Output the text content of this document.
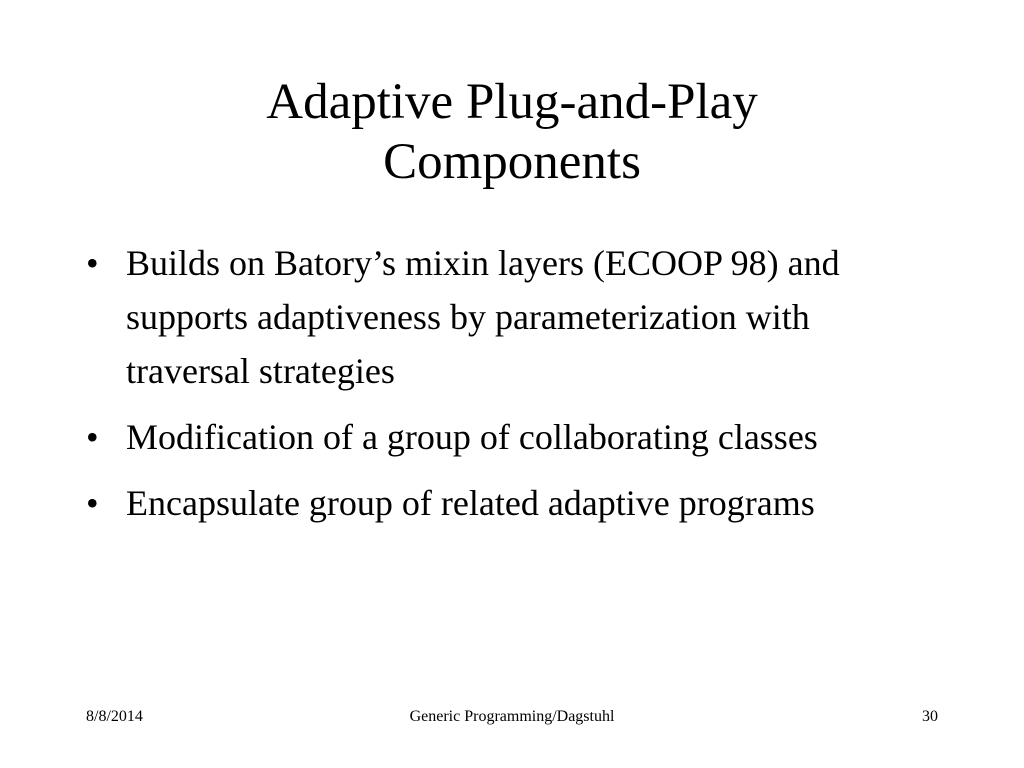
Adaptive Plug-and-Play
Components
• Builds on Batory’s mixin layers (ECOOP 98) and supports adaptiveness by parameterization with traversal strategies
• Modification of a group of collaborating classes
• Encapsulate group of related adaptive programs
8/8/2014	Generic Programming/Dagstuhl	30
